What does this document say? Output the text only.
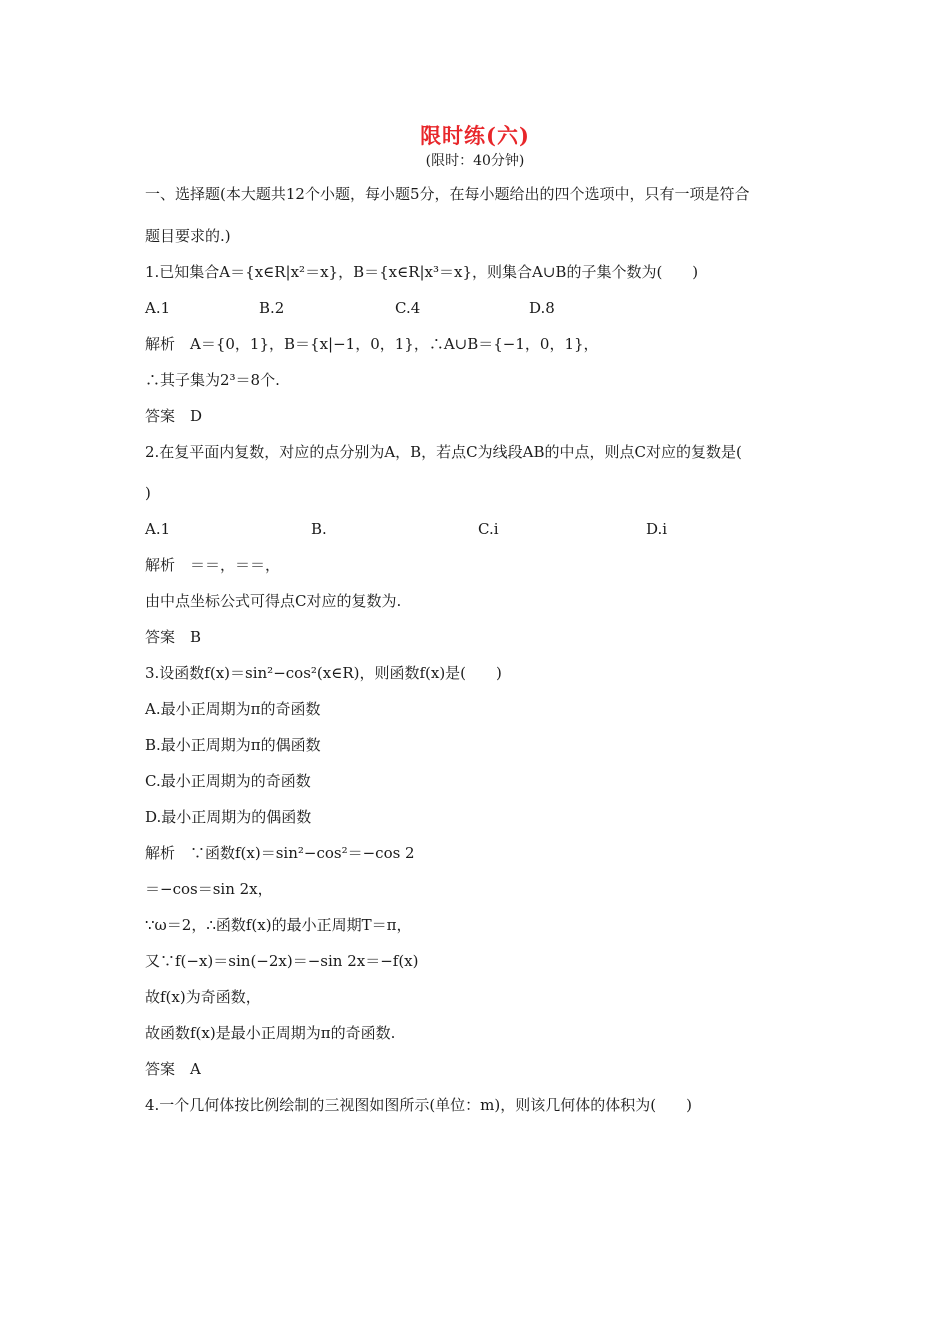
限时练(六)
(限时：40分钟)
一、选择题(本大题共12个小题，每小题5分，在每小题给出的四个选项中，只有一项是符合
题目要求的.)
1.已知集合A＝{x∈R|x²＝x}，B＝{x∈R|x³＝x}，则集合A∪B的子集个数为(　　)
A.1	B.2	C.4	D.8
解析　A＝{0，1}，B＝{x|−1，0，1}，∴A∪B＝{−1，0，1}，
∴其子集为2³＝8个.
答案　D
2.在复平面内复数，对应的点分别为A，B，若点C为线段AB的中点，则点C对应的复数是(
)
A.1	B.	C.i	D.i
解析　＝＝，＝＝，
由中点坐标公式可得点C对应的复数为.
答案　B
3.设函数f(x)＝sin²−cos²(x∈R)，则函数f(x)是(　　)
A.最小正周期为π的奇函数
B.最小正周期为π的偶函数
C.最小正周期为的奇函数
D.最小正周期为的偶函数
解析　∵函数f(x)＝sin²−cos²＝−cos 2
＝−cos＝sin 2x，
∵ω＝2，∴函数f(x)的最小正周期T＝π，
又∵f(−x)＝sin(−2x)＝−sin 2x＝−f(x)
故f(x)为奇函数，
故函数f(x)是最小正周期为π的奇函数.
答案　A
4.一个几何体按比例绘制的三视图如图所示(单位：m)，则该几何体的体积为(　　)
